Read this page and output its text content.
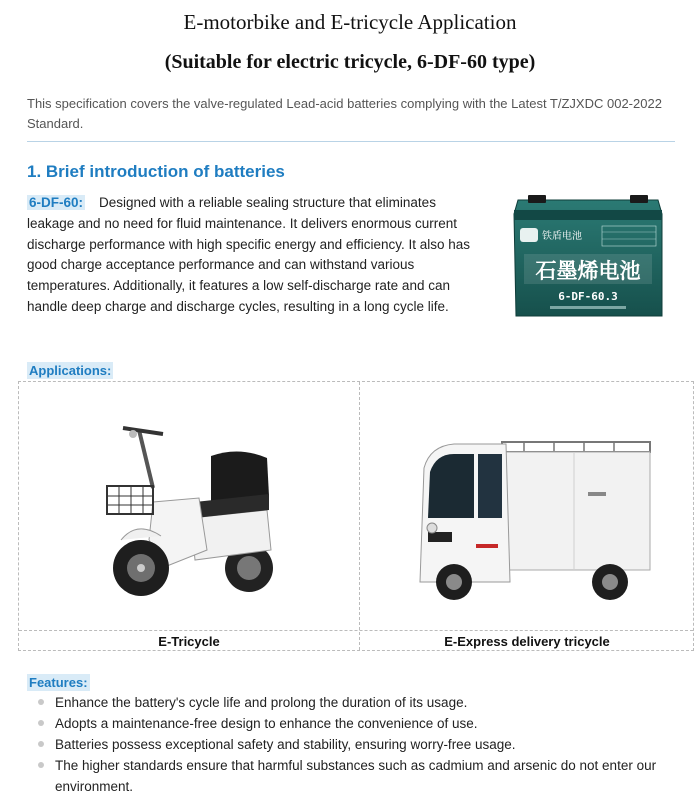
E-motorbike and E-tricycle Application
(Suitable for electric tricycle, 6-DF-60 type)
This specification covers the valve-regulated Lead-acid batteries complying with the Latest T/ZJXDC 002-2022 Standard.
1. Brief introduction of batteries
6-DF-60: Designed with a reliable sealing structure that eliminates leakage and no need for fluid maintenance. It delivers enormous current discharge performance with high specific energy and efficiency. It also has good charge acceptance performance and can withstand various temperatures. Additionally, it features a low self-discharge rate and can handle deep charge and discharge cycles, resulting in a long cycle life.
铁盾电池
石墨烯电池
6-DF-60.3
Applications:
E-Tricycle	E-Express delivery tricycle
Features:
Enhance the battery's cycle life and prolong the duration of its usage.
Adopts a maintenance-free design to enhance the convenience of use.
Batteries possess exceptional safety and stability, ensuring worry-free usage.
The higher standards ensure that harmful substances such as cadmium and arsenic do not enter our environment.
